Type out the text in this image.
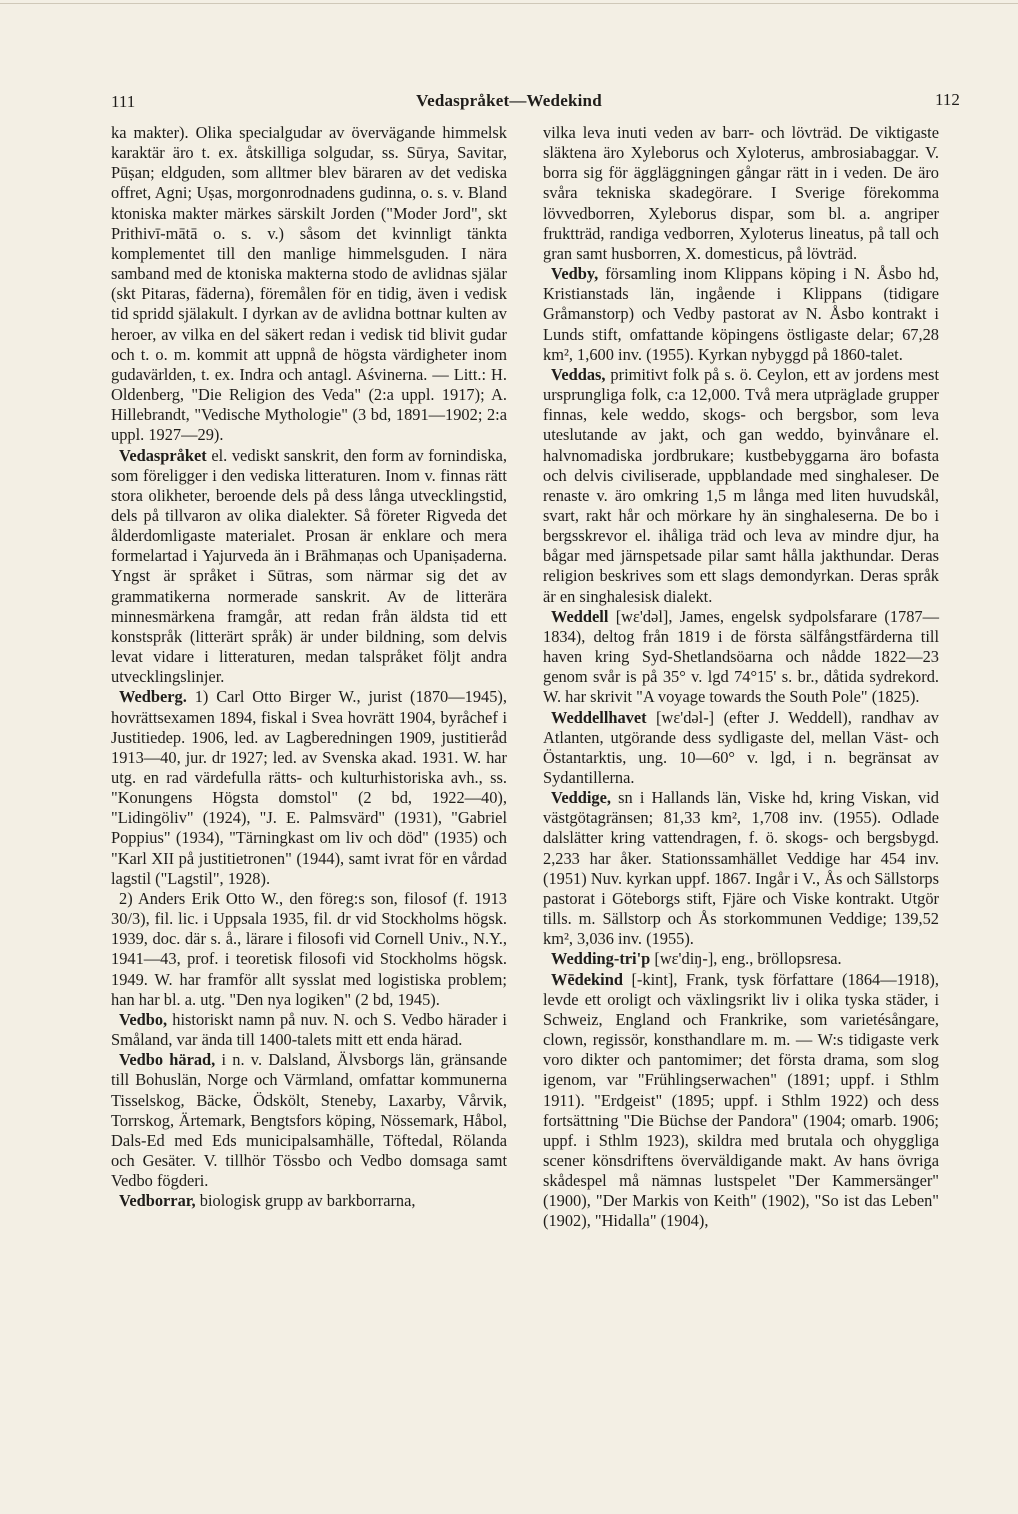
111	Vedaspråket—Wedekind	112

ka makter). Olika specialgudar av övervägande himmelsk karaktär äro t. ex. åtskilliga solgudar, ss. Sūrya, Savitar, Pūṣan; eldguden, som alltmer blev bäraren av det vediska offret, Agni; Uṣas, morgonrodnadens gudinna, o. s. v. Bland ktoniska makter märkes särskilt Jorden ("Moder Jord", skt Prithivī-mātā o. s. v.) såsom det kvinnligt tänkta komplementet till den manlige himmelsguden. I nära samband med de ktoniska makterna stodo de avlidnas själar (skt Pitaras, fäderna), föremålen för en tidig, även i vedisk tid spridd själakult. I dyrkan av de avlidna bottnar kulten av heroer, av vilka en del säkert redan i vedisk tid blivit gudar och t. o. m. kommit att uppnå de högsta värdigheter inom gudavärlden, t. ex. Indra och antagl. Aśvinerna. — Litt.: H. Oldenberg, "Die Religion des Veda" (2:a uppl. 1917); A. Hillebrandt, "Vedische Mythologie" (3 bd, 1891—1902; 2:a uppl. 1927—29).

Vedaspråket el. vediskt sanskrit, den form av fornindiska, som föreligger i den vediska litteraturen. Inom v. finnas rätt stora olikheter, beroende dels på dess långa utvecklingstid, dels på tillvaron av olika dialekter. Så företer Rigveda det ålderdomligaste materialet. Prosan är enklare och mera formelartad i Yajurveda än i Brāhmaṇas och Upaniṣaderna. Yngst är språket i Sūtras, som närmar sig det av grammatikerna normerade sanskrit. Av de litterära minnesmärkena framgår, att redan från äldsta tid ett konstspråk (litterärt språk) är under bildning, som delvis levat vidare i litteraturen, medan talspråket följt andra utvecklingslinjer.

Wedberg. 1) Carl Otto Birger W., jurist (1870—1945), hovrättsexamen 1894, fiskal i Svea hovrätt 1904, byråchef i Justitiedep. 1906, led. av Lagberedningen 1909, justitieråd 1913—40, jur. dr 1927; led. av Svenska akad. 1931. W. har utg. en rad värdefulla rätts- och kulturhistoriska avh., ss. "Konungens Högsta domstol" (2 bd, 1922—40), "Lidingöliv" (1924), "J. E. Palmsvärd" (1931), "Gabriel Poppius" (1934), "Tärningkast om liv och död" (1935) och "Karl XII på justitietronen" (1944), samt ivrat för en vårdad lagstil ("Lagstil", 1928).

2) Anders Erik Otto W., den föreg:s son, filosof (f. 1913 30/3), fil. lic. i Uppsala 1935, fil. dr vid Stockholms högsk. 1939, doc. där s. å., lärare i filosofi vid Cornell Univ., N.Y., 1941—43, prof. i teoretisk filosofi vid Stockholms högsk. 1949. W. har framför allt sysslat med logistiska problem; han har bl. a. utg. "Den nya logiken" (2 bd, 1945).

Vedbo, historiskt namn på nuv. N. och S. Vedbo härader i Småland, var ända till 1400-talets mitt ett enda härad.

Vedbo härad, i n. v. Dalsland, Älvsborgs län, gränsande till Bohuslän, Norge och Värmland, omfattar kommunerna Tisselskog, Bäcke, Ödskölt, Steneby, Laxarby, Vårvik, Torrskog, Ärtemark, Bengtsfors köping, Nössemark, Håbol, Dals-Ed med Eds municipalsamhälle, Töftedal, Rölanda och Gesäter. V. tillhör Tössbo och Vedbo domsaga samt Vedbo fögderi.

Vedborrar, biologisk grupp av barkborrarna,

vilka leva inuti veden av barr- och lövträd. De viktigaste släktena äro Xyleborus och Xyloterus, ambrosiabaggar. V. borra sig för äggläggningen gångar rätt in i veden. De äro svåra tekniska skadegörare. I Sverige förekomma lövvedborren, Xyleborus dispar, som bl. a. angriper fruktträd, randiga vedborren, Xyloterus lineatus, på tall och gran samt husborren, X. domesticus, på lövträd.

Vedby, församling inom Klippans köping i N. Åsbo hd, Kristianstads län, ingående i Klippans (tidigare Gråmanstorp) och Vedby pastorat av N. Åsbo kontrakt i Lunds stift, omfattande köpingens östligaste delar; 67,28 km², 1,600 inv. (1955). Kyrkan nybyggd på 1860-talet.

Veddas, primitivt folk på s. ö. Ceylon, ett av jordens mest ursprungliga folk, c:a 12,000. Två mera utpräglade grupper finnas, kele weddo, skogs- och bergsbor, som leva uteslutande av jakt, och gan weddo, byinvånare el. halvnomadiska jordbrukare; kustbebyggarna äro bofasta och delvis civiliserade, uppblandade med singhaleser. De renaste v. äro omkring 1,5 m långa med liten huvudskål, svart, rakt hår och mörkare hy än singhaleserna. De bo i bergsskrevor el. ihåliga träd och leva av mindre djur, ha bågar med järnspetsade pilar samt hålla jakthundar. Deras religion beskrives som ett slags demondyrkan. Deras språk är en singhalesisk dialekt.

Weddell [wɛ'dəl], James, engelsk sydpolsfarare (1787—1834), deltog från 1819 i de första sälfångstfärderna till haven kring Syd-Shetlandsöarna och nådde 1822—23 genom svår is på 35° v. lgd 74°15' s. br., dåtida sydrekord. W. har skrivit "A voyage towards the South Pole" (1825).

Weddellhavet [wɛ'dəl-] (efter J. Weddell), randhav av Atlanten, utgörande dess sydligaste del, mellan Väst- och Östantarktis, ung. 10—60° v. lgd, i n. begränsat av Sydantillerna.

Veddige, sn i Hallands län, Viske hd, kring Viskan, vid västgötagränsen; 81,33 km², 1,708 inv. (1955). Odlade dalslätter kring vattendragen, f. ö. skogs- och bergsbygd. 2,233 har åker. Stationssamhället Veddige har 454 inv. (1951) Nuv. kyrkan uppf. 1867. Ingår i V., Ås och Sällstorps pastorat i Göteborgs stift, Fjäre och Viske kontrakt. Utgör tills. m. Sällstorp och Ås storkommunen Veddige; 139,52 km², 3,036 inv. (1955).

Wedding-tri'p [wɛ'diŋ-], eng., bröllopsresa.

Wēdekind [-kint], Frank, tysk författare (1864—1918), levde ett oroligt och växlingsrikt liv i olika tyska städer, i Schweiz, England och Frankrike, som varietésångare, clown, regissör, konsthandlare m. m. — W:s tidigaste verk voro dikter och pantomimer; det första drama, som slog igenom, var "Frühlingserwachen" (1891; uppf. i Sthlm 1911). "Erdgeist" (1895; uppf. i Sthlm 1922) och dess fortsättning "Die Büchse der Pandora" (1904; omarb. 1906; uppf. i Sthlm 1923), skildra med brutala och ohyggliga scener könsdriftens överväldigande makt. Av hans övriga skådespel må nämnas lustspelet "Der Kammersänger" (1900), "Der Markis von Keith" (1902), "So ist das Leben" (1902), "Hidalla" (1904),
